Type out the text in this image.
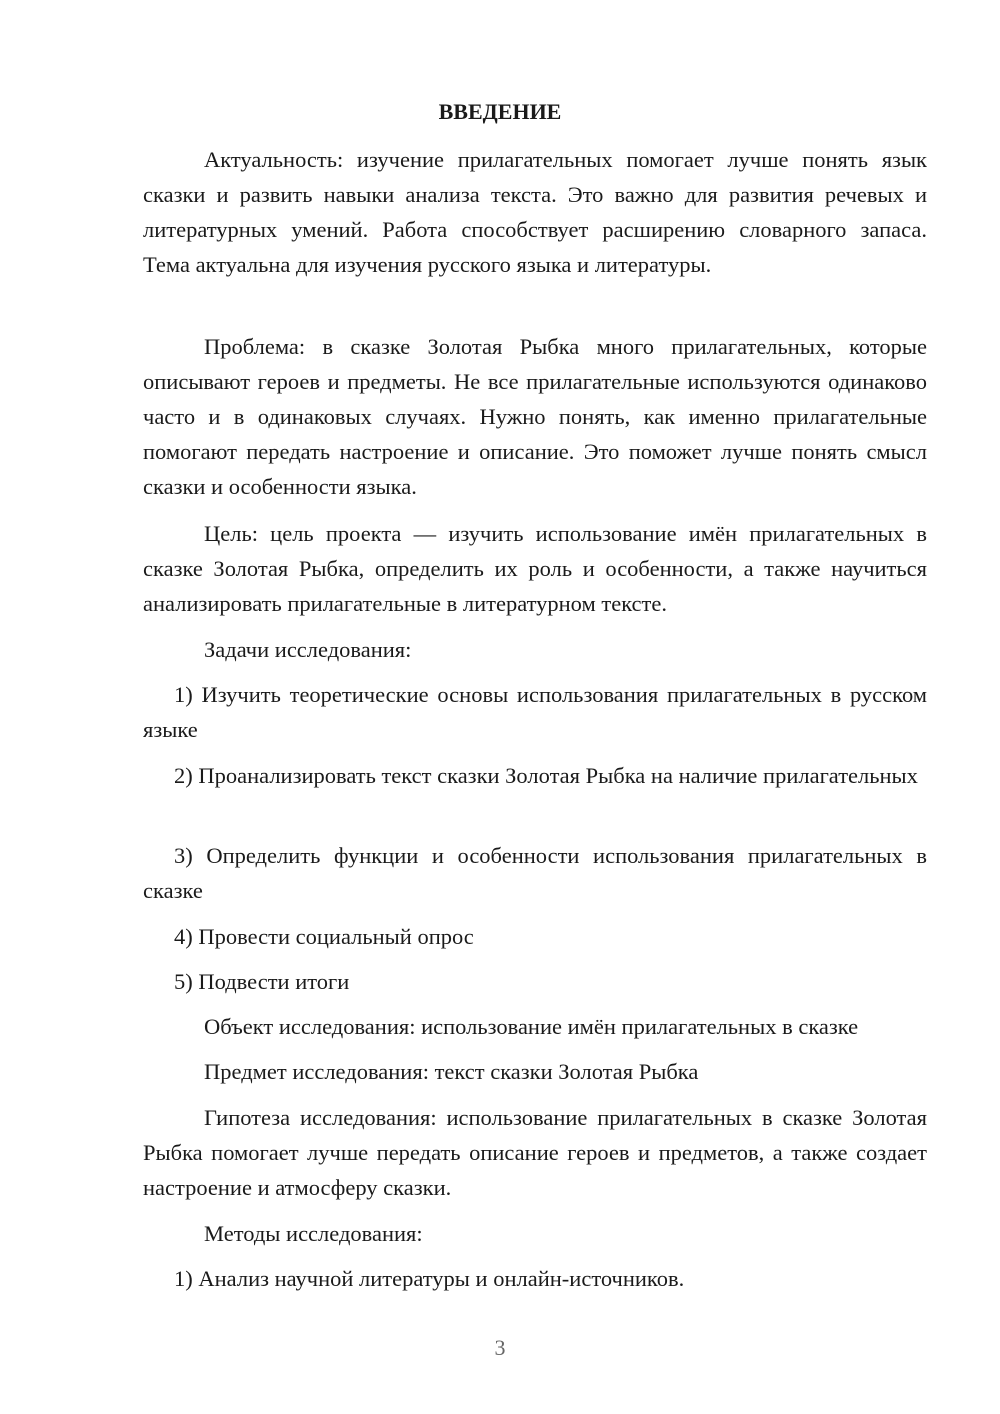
ВВЕДЕНИЕ

Актуальность: изучение прилагательных помогает лучше понять язык сказки и развить навыки анализа текста. Это важно для развития речевых и литературных умений. Работа способствует расширению словарного запаса. Тема актуальна для изучения русского языка и литературы.

Проблема: в сказке Золотая Рыбка много прилагательных, которые описывают героев и предметы. Не все прилагательные используются одинаково часто и в одинаковых случаях. Нужно понять, как именно прилагательные помогают передать настроение и описание. Это поможет лучше понять смысл сказки и особенности языка.

Цель: цель проекта — изучить использование имён прилагательных в сказке Золотая Рыбка, определить их роль и особенности, а также научиться анализировать прилагательные в литературном тексте.

Задачи исследования:

1) Изучить теоретические основы использования прилагательных в русском языке

2) Проанализировать текст сказки Золотая Рыбка на наличие прилагательных

3) Определить функции и особенности использования прилагательных в сказке

4) Провести социальный опрос

5) Подвести итоги

Объект исследования: использование имён прилагательных в сказке

Предмет исследования: текст сказки Золотая Рыбка

Гипотеза исследования: использование прилагательных в сказке Золотая Рыбка помогает лучше передать описание героев и предметов, а также создает настроение и атмосферу сказки.

Методы исследования:

1) Анализ научной литературы и онлайн-источников.

3
